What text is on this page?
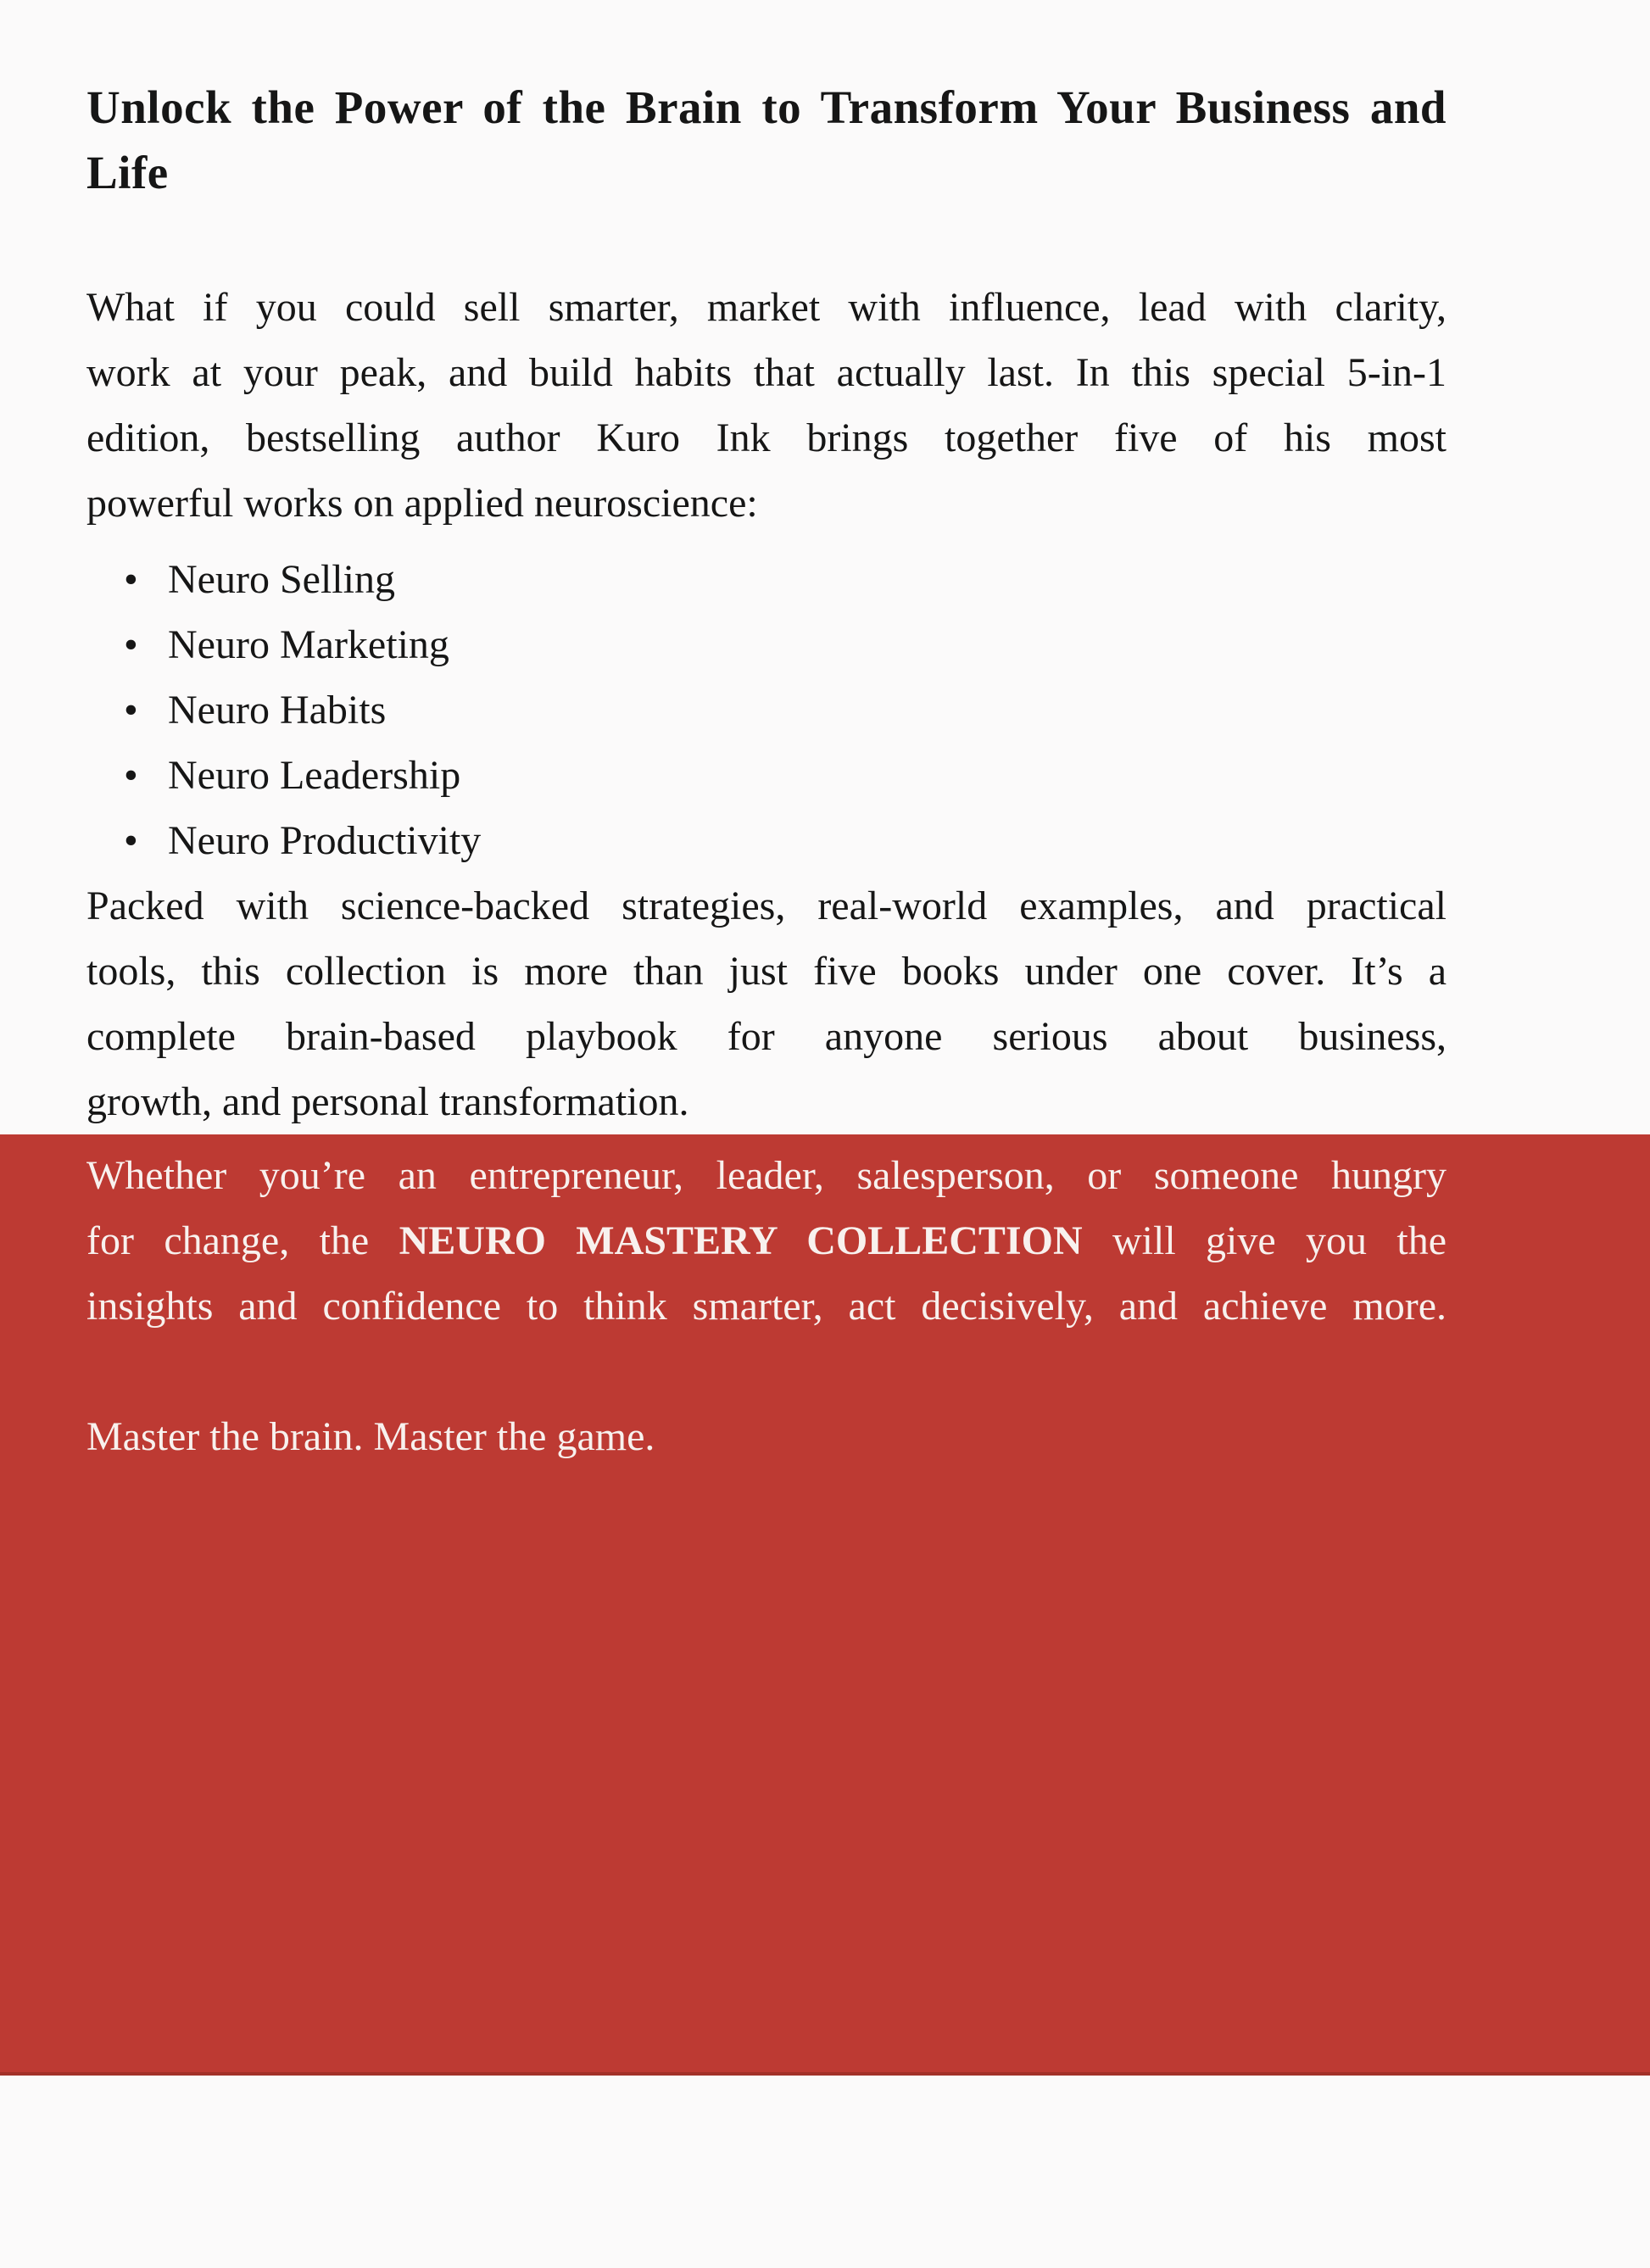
Unlock the Power of the Brain to Transform Your Business and
Life
What if you could sell smarter, market with influence, lead with clarity,
work at your peak, and build habits that actually last. In this special 5-in-1
edition, bestselling author Kuro Ink brings together five of his most
powerful works on applied neuroscience:
• Neuro Selling
• Neuro Marketing
• Neuro Habits
• Neuro Leadership
• Neuro Productivity
Packed with science-backed strategies, real-world examples, and practical
tools, this collection is more than just five books under one cover. It’s a
complete brain-based playbook for anyone serious about business,
growth, and personal transformation.
Whether you’re an entrepreneur, leader, salesperson, or someone hungry
for change, the NEURO MASTERY COLLECTION will give you the
insights and confidence to think smarter, act decisively, and achieve more.
Master the brain. Master the game.
